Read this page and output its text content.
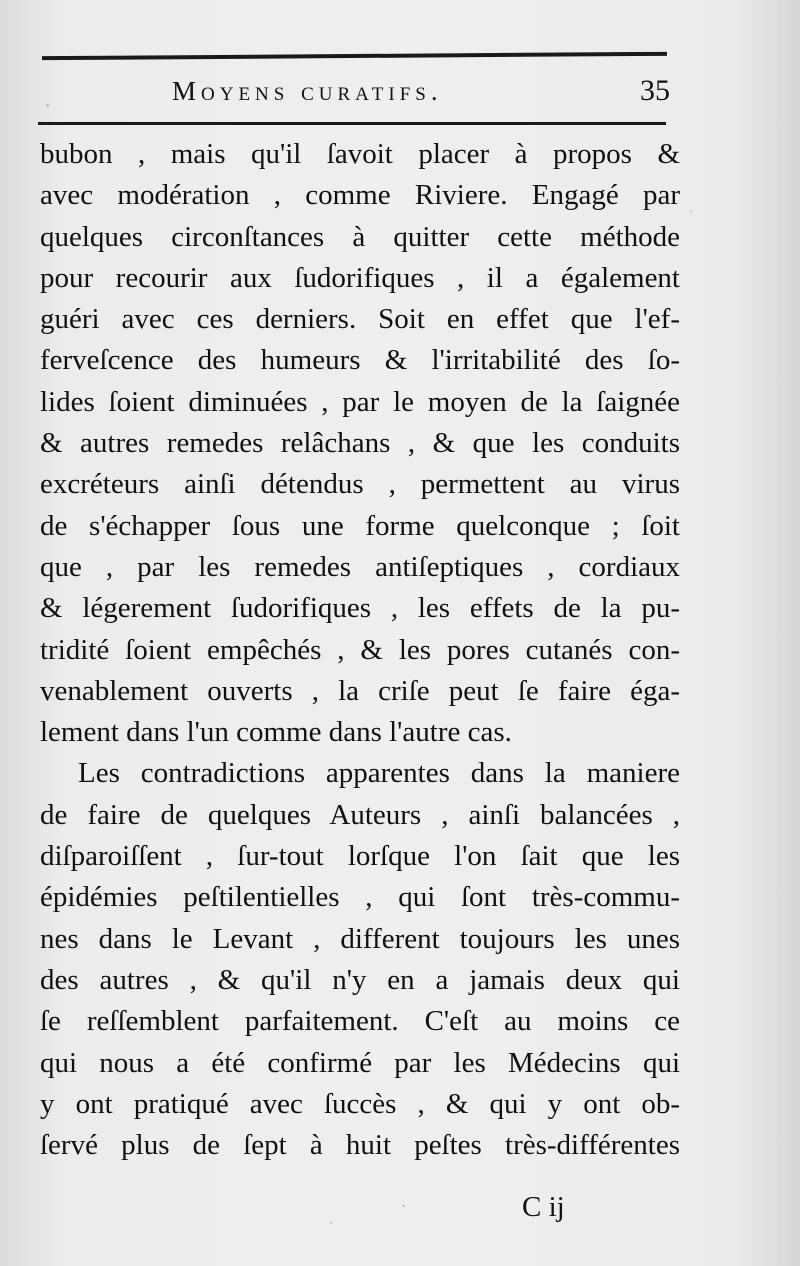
Moyens curatifs.	35
bubon , mais qu'il ſavoit placer à propos &
avec modération , comme Riviere. Engagé par
quelques circonſtances à quitter cette méthode
pour recourir aux ſudorifiques , il a également
guéri avec ces derniers. Soit en effet que l'ef-
ferveſcence des humeurs & l'irritabilité des ſo-
lides ſoient diminuées , par le moyen de la ſaignée
& autres remedes relâchans , & que les conduits
excréteurs ainſi détendus , permettent au virus
de s'échapper ſous une forme quelconque ; ſoit
que , par les remedes antiſeptiques , cordiaux
& légerement ſudorifiques , les effets de la pu-
tridité ſoient empêchés , & les pores cutanés con-
venablement ouverts , la criſe peut ſe faire éga-
lement dans l'un comme dans l'autre cas.
Les contradictions apparentes dans la maniere
de faire de quelques Auteurs , ainſi balancées ,
diſparoiſſent , ſur-tout lorſque l'on ſait que les
épidémies peſtilentielles , qui ſont très-commu-
nes dans le Levant , different toujours les unes
des autres , & qu'il n'y en a jamais deux qui
ſe reſſemblent parfaitement. C'eſt au moins ce
qui nous a été confirmé par les Médecins qui
y ont pratiqué avec ſuccès , & qui y ont ob-
ſervé plus de ſept à huit peſtes très-différentes
C ij
